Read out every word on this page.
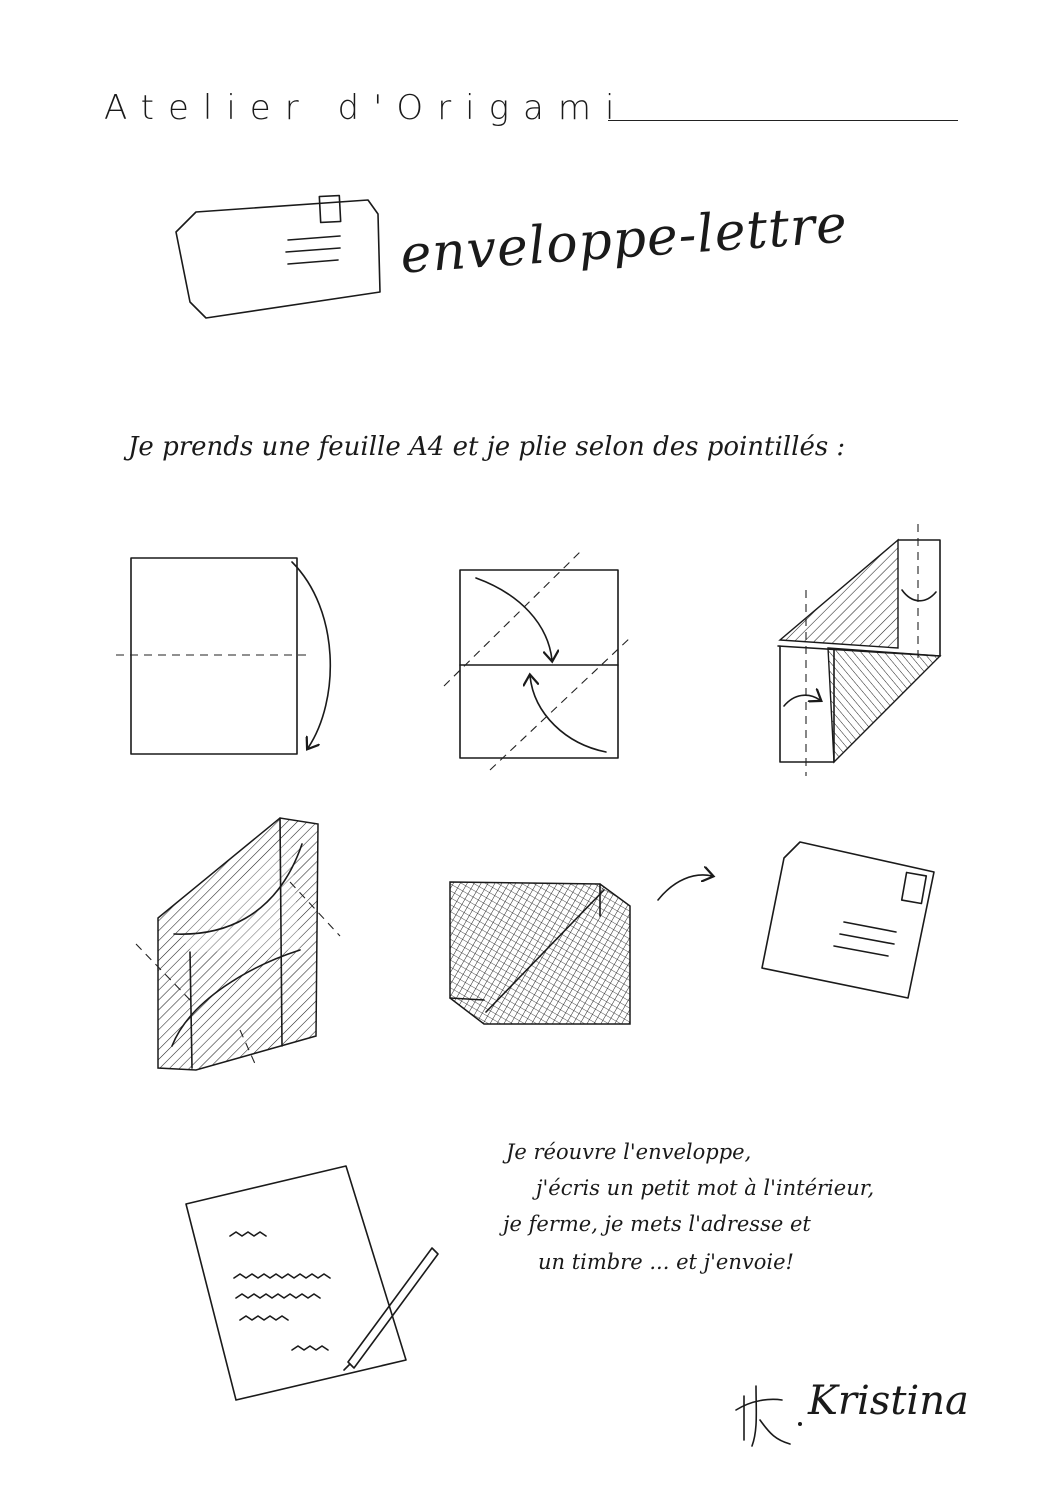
Atelier d'Origami
enveloppe-lettre
Je prends une feuille A4 et je plie selon des pointillés :
Je réouvre l'enveloppe,
j'écris un petit mot à l'intérieur,
je ferme, je mets l'adresse et
un timbre ... et j'envoie!
Kristina
